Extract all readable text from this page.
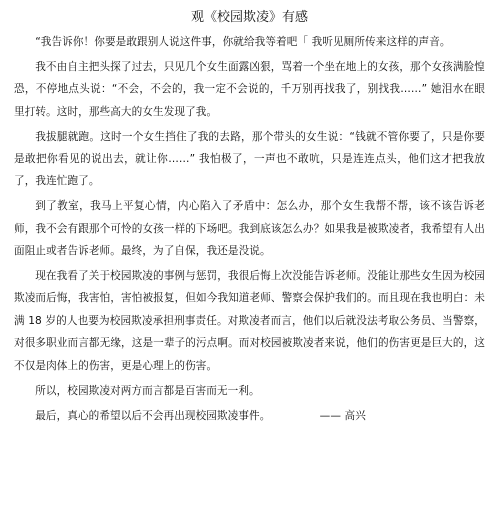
观《校园欺凌》有感

“我告诉你！你要是敢跟别人说这件事，你就给我等着吧「 我听见厕所传来这样的声音。

我不由自主把头探了过去，只见几个女生面露凶狠，骂着一个坐在地上的女孩，那个女孩满脸惶恐，不停地点头说：“不会，不会的，我一定不会说的，千万别再找我了，别找我……” 她泪水在眼里打转。这时，那些高大的女生发现了我。

我拔腿就跑。这时一个女生挡住了我的去路，那个带头的女生说：“钱就不管你要了，只是你要是敢把你看见的说出去，就让你……” 我怕极了，一声也不敢吭，只是连连点头，他们这才把我放了，我连忙跑了。

到了教室，我马上平复心情，内心陷入了矛盾中：怎么办，那个女生我帮不帮，该不该告诉老师，我不会有跟那个可怜的女孩一样的下场吧。我到底该怎么办？如果我是被欺凌者，我希望有人出面阻止或者告诉老师。最终，为了自保，我还是没说。

现在我看了关于校园欺凌的事例与惩罚，我很后悔上次没能告诉老师。没能让那些女生因为校园欺凌而后悔，我害怕，害怕被报复，但如今我知道老师、警察会保护我们的。而且现在我也明白：未满 18 岁的人也要为校园欺凌承担刑事责任。对欺凌者而言，他们以后就没法考取公务员、当警察，对很多职业而言都无缘，这是一辈子的污点啊。而对校园被欺凌者来说，他们的伤害更是巨大的，这不仅是肉体上的伤害，更是心理上的伤害。

所以，校园欺凌对两方而言都是百害而无一利。

最后，真心的希望以后不会再出现校园欺凌事件。	—— 高兴
